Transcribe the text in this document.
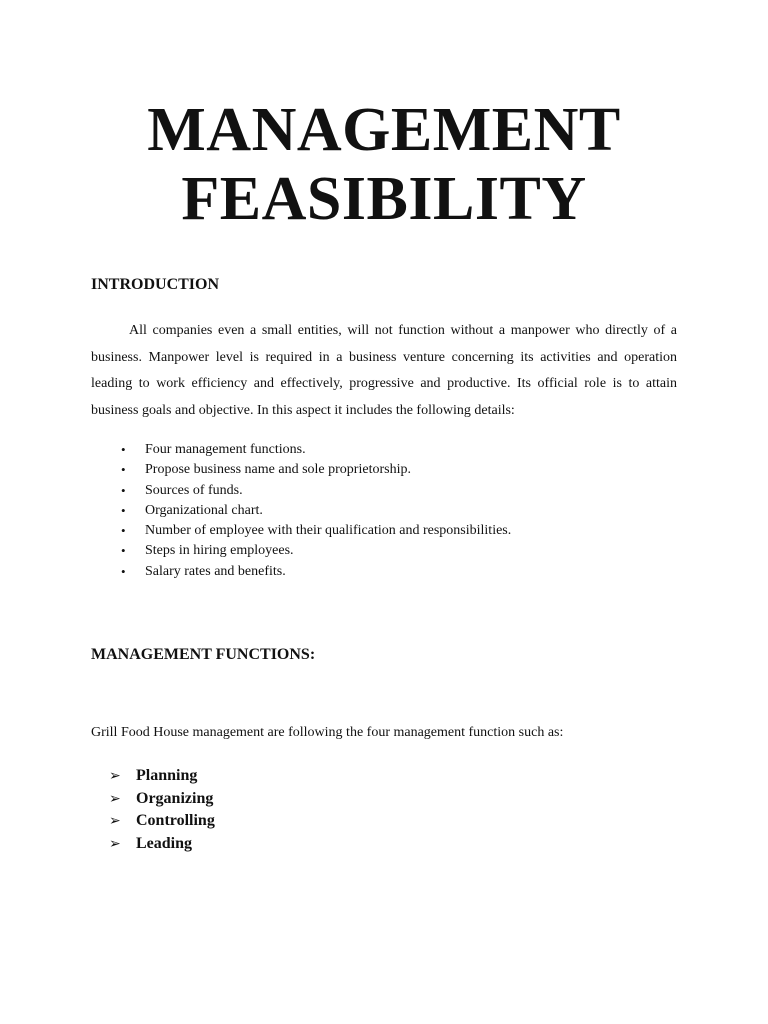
MANAGEMENT
FEASIBILITY
INTRODUCTION

All companies even a small entities, will not function without a manpower who directly of a business. Manpower level is required in a business venture concerning its activities and operation leading to work efficiency and effectively, progressive and productive. Its official role is to attain business goals and objective. In this aspect it includes the following details:

• Four management functions.
• Propose business name and sole proprietorship.
• Sources of funds.
• Organizational chart.
• Number of employee with their qualification and responsibilities.
• Steps in hiring employees.
• Salary rates and benefits.
MANAGEMENT FUNCTIONS:

Grill Food House management are following the four management function such as:

➢ Planning
➢ Organizing
➢ Controlling
➢ Leading
